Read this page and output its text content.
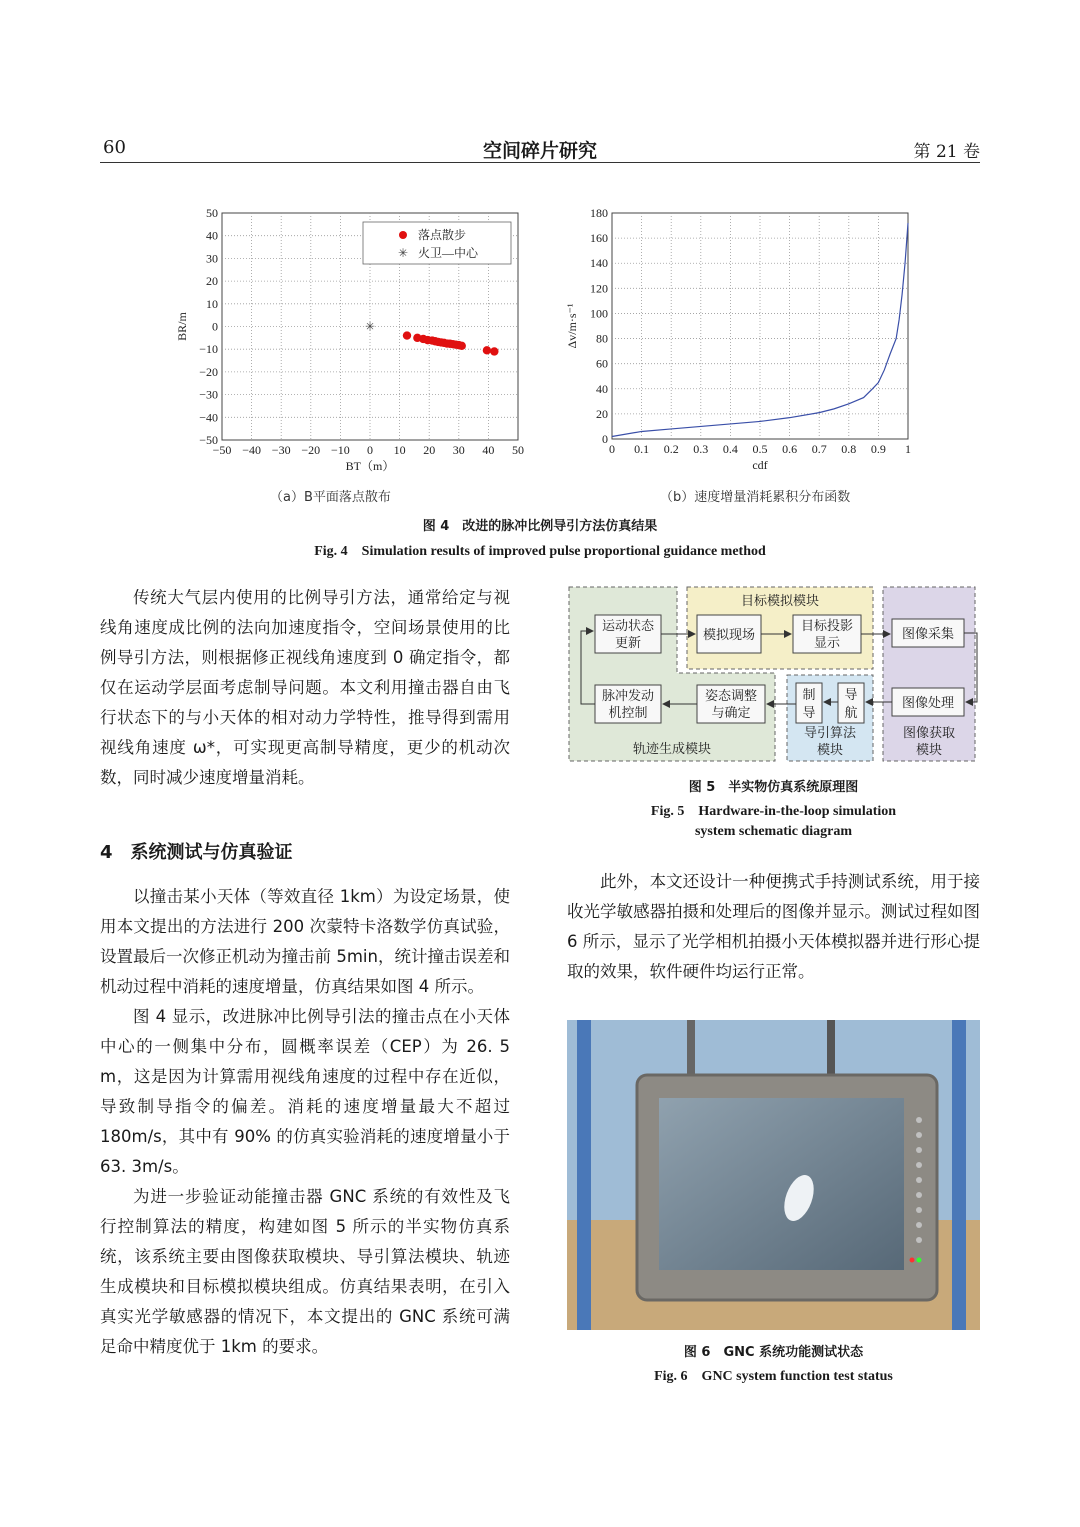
60	空间碎片研究	第 21 卷
−50 −40 −30 −20 −10 0 10 20 30 40 50
50
40
30
20
10
0
−10
−20
−30
−40
−50
BT（m）
BR/m	✳
落点散步
✳ 火卫—中心
0 0.1 0.2 0.3 0.4 0.5 0.6 0.7 0.8 0.9 1
180
160
140
120
100
80
60
40
20
0
cdf
Δv/m·s⁻¹
（a）B平面落点散布	（b）速度增量消耗累积分布函数
图 4　改进的脉冲比例导引方法仿真结果
Fig. 4　Simulation results of improved pulse proportional guidance method

传统大气层内使用的比例导引方法，通常给定与视线角速度成比例的法向加速度指令，空间场景使用的比例导引方法，则根据修正视线角速度到 0 确定指令，都仅在运动学层面考虑制导问题。本文利用撞击器自由飞行状态下的与小天体的相对动力学特性，推导得到需用视线角速度 ω*，可实现更高制导精度，更少的机动次数，同时减少速度增量消耗。

4　系统测试与仿真验证

以撞击某小天体（等效直径 1km）为设定场景，使用本文提出的方法进行 200 次蒙特卡洛数学仿真试验，设置最后一次修正机动为撞击前 5min，统计撞击误差和机动过程中消耗的速度增量，仿真结果如图 4 所示。

图 4 显示，改进脉冲比例导引法的撞击点在小天体中心的一侧集中分布，圆概率误差（CEP）为 26. 5 m，这是因为计算需用视线角速度的过程中存在近似，导致制导指令的偏差。消耗的速度增量最大不超过 180m/s，其中有 90% 的仿真实验消耗的速度增量小于 63. 3m/s。

为进一步验证动能撞击器 GNC 系统的有效性及飞行控制算法的精度，构建如图 5 所示的半实物仿真系统，该系统主要由图像获取模块、导引算法模块、轨迹生成模块和目标模拟模块组成。仿真结果表明，在引入真实光学敏感器的情况下，本文提出的 GNC 系统可满足命中精度优于 1km 的要求。

目标模拟模块
运动状态
更新
模拟现场
目标投影
显示
图像采集
脉冲发动
机控制
姿态调整
与确定
图像处理
轨迹生成模块
导引算法
模块
图像获取
模块
制
导
导
航
图 5　半实物仿真系统原理图
Fig. 5　Hardware-in-the-loop simulation
system schematic diagram

此外，本文还设计一种便携式手持测试系统，用于接收光学敏感器拍摄和处理后的图像并显示。测试过程如图 6 所示，显示了光学相机拍摄小天体模拟器并进行形心提取的效果，软件硬件均运行正常。

图 6　GNC 系统功能测试状态
Fig. 6　GNC system function test status
